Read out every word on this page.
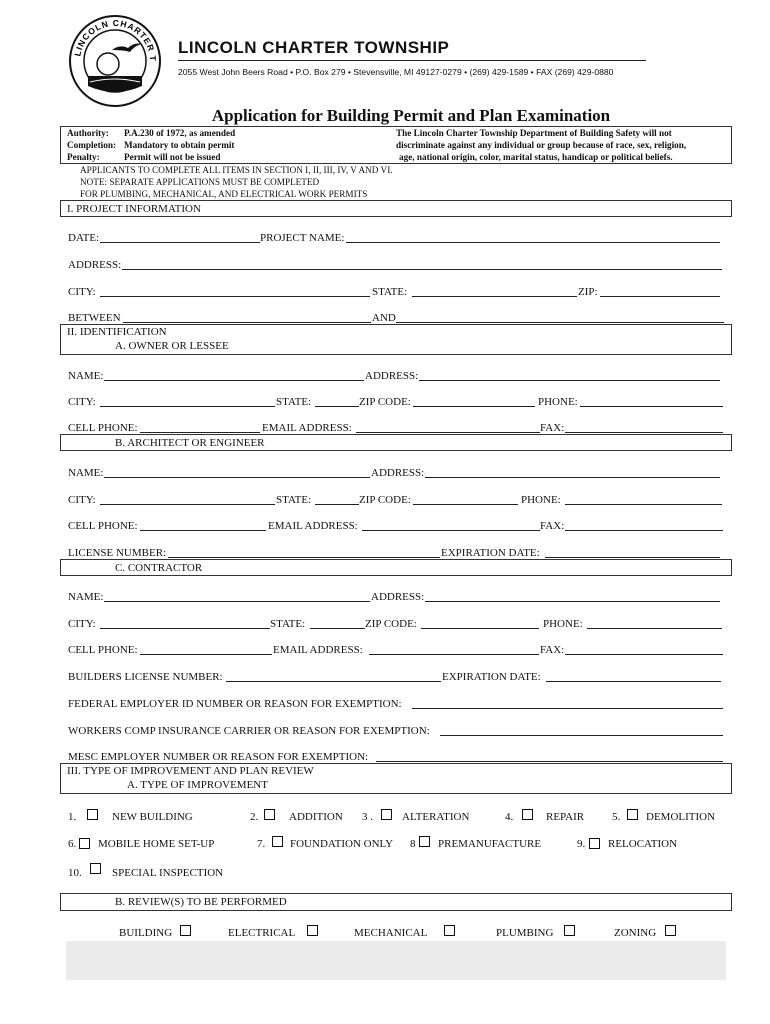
LINCOLN CHARTER T
LINCOLN CHARTER TOWNSHIP
2055 West John Beers Road • P.O. Box 279 • Stevensville, MI 49127-0279 • (269) 429-1589 • FAX (269) 429-0880
Application for Building Permit and Plan Examination
Authority: P.A.230 of 1972, as amended
Completion: Mandatory to obtain permit
Penalty:	Permit will not be issued
The Lincoln Charter Township Department of Building Safety will not
discriminate against any individual or group because of race, sex, religion,
age, national origin, color, marital status, handicap or political beliefs.
APPLICANTS TO COMPLETE ALL ITEMS IN SECTION I, II, III, IV, V AND VI.
NOTE: SEPARATE APPLICATIONS MUST BE COMPLETED
FOR PLUMBING, MECHANICAL, AND ELECTRICAL WORK PERMITS
I. PROJECT INFORMATION
DATE:	PROJECT NAME:
ADDRESS:
CITY:	STATE:	ZIP:
BETWEEN	AND
II. IDENTIFICATION
A. OWNER OR LESSEE
NAME:	ADDRESS:
CITY:	STATE:	ZIP CODE:	PHONE:
CELL PHONE:	EMAIL ADDRESS:	FAX:
B. ARCHITECT OR ENGINEER
NAME:	ADDRESS:
CITY:	STATE:	ZIP CODE:	PHONE:
CELL PHONE:	EMAIL ADDRESS:	FAX:
LICENSE NUMBER:	EXPIRATION DATE:
C. CONTRACTOR
NAME:	ADDRESS:
CITY:	STATE:	ZIP CODE:	PHONE:
CELL PHONE:	EMAIL ADDRESS:	FAX:
BUILDERS LICENSE NUMBER:	EXPIRATION DATE:
FEDERAL EMPLOYER ID NUMBER OR REASON FOR EXEMPTION:
WORKERS COMP INSURANCE CARRIER OR REASON FOR EXEMPTION:
MESC EMPLOYER NUMBER OR REASON FOR EXEMPTION:
III. TYPE OF IMPROVEMENT AND PLAN REVIEW
A. TYPE OF IMPROVEMENT
1.	NEW BUILDING	2.	ADDITION 3 .	ALTERATION	4.	REPAIR	5. DEMOLITION
6. MOBILE HOME SET-UP	7. FOUNDATION ONLY 8 PREMANUFACTURE	9. RELOCATION
10.	SPECIAL INSPECTION
B. REVIEW(S) TO BE PERFORMED
BUILDING	ELECTRICAL	MECHANICAL	PLUMBING	ZONING
